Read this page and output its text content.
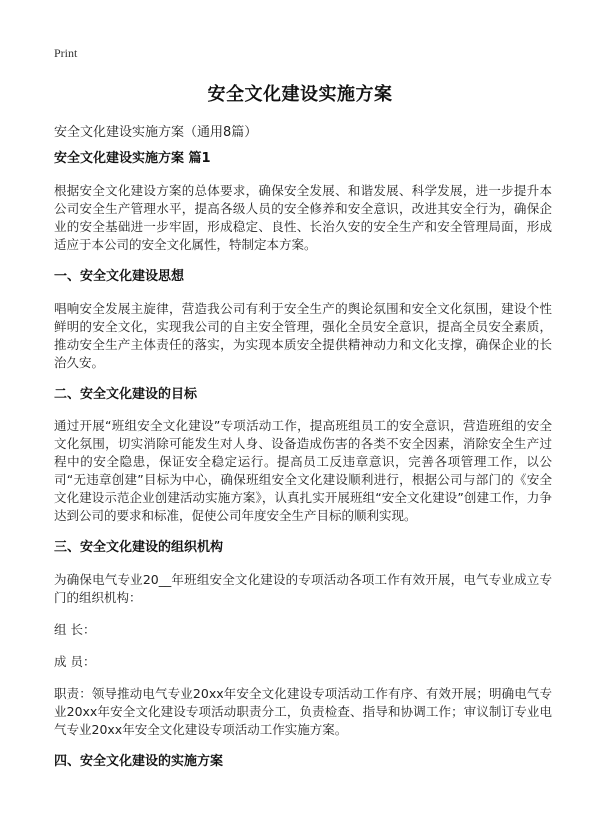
Print
安全文化建设实施方案
安全文化建设实施方案（通用8篇）
安全文化建设实施方案 篇1
根据安全文化建设方案的总体要求，确保安全发展、和谐发展、科学发展，进一步提升本公司安全生产管理水平，提高各级人员的安全修养和安全意识，改进其安全行为，确保企业的安全基础进一步牢固，形成稳定、良性、长治久安的安全生产和安全管理局面，形成适应于本公司的安全文化属性，特制定本方案。
一、安全文化建设思想
唱响安全发展主旋律，营造我公司有利于安全生产的舆论氛围和安全文化氛围，建设个性鲜明的安全文化，实现我公司的自主安全管理，强化全员安全意识，提高全员安全素质，推动安全生产主体责任的落实，为实现本质安全提供精神动力和文化支撑，确保企业的长治久安。
二、安全文化建设的目标
通过开展“班组安全文化建设”专项活动工作，提高班组员工的安全意识，营造班组的安全文化氛围，切实消除可能发生对人身、设备造成伤害的各类不安全因素，消除安全生产过程中的安全隐患，保证安全稳定运行。提高员工反违章意识，完善各项管理工作，以公司“无违章创建”目标为中心，确保班组安全文化建设顺利进行，根据公司与部门的《安全文化建设示范企业创建活动实施方案》，认真扎实开展班组“安全文化建设”创建工作，力争达到公司的要求和标准，促使公司年度安全生产目标的顺利实现。
三、安全文化建设的组织机构
为确保电气专业20__年班组安全文化建设的专项活动各项工作有效开展，电气专业成立专门的组织机构：
组 长：
成 员：
职责：领导推动电气专业20xx年安全文化建设专项活动工作有序、有效开展；明确电气专业20xx年安全文化建设专项活动职责分工，负责检查、指导和协调工作；审议制订专业电气专业20xx年安全文化建设专项活动工作实施方案。
四、安全文化建设的实施方案
